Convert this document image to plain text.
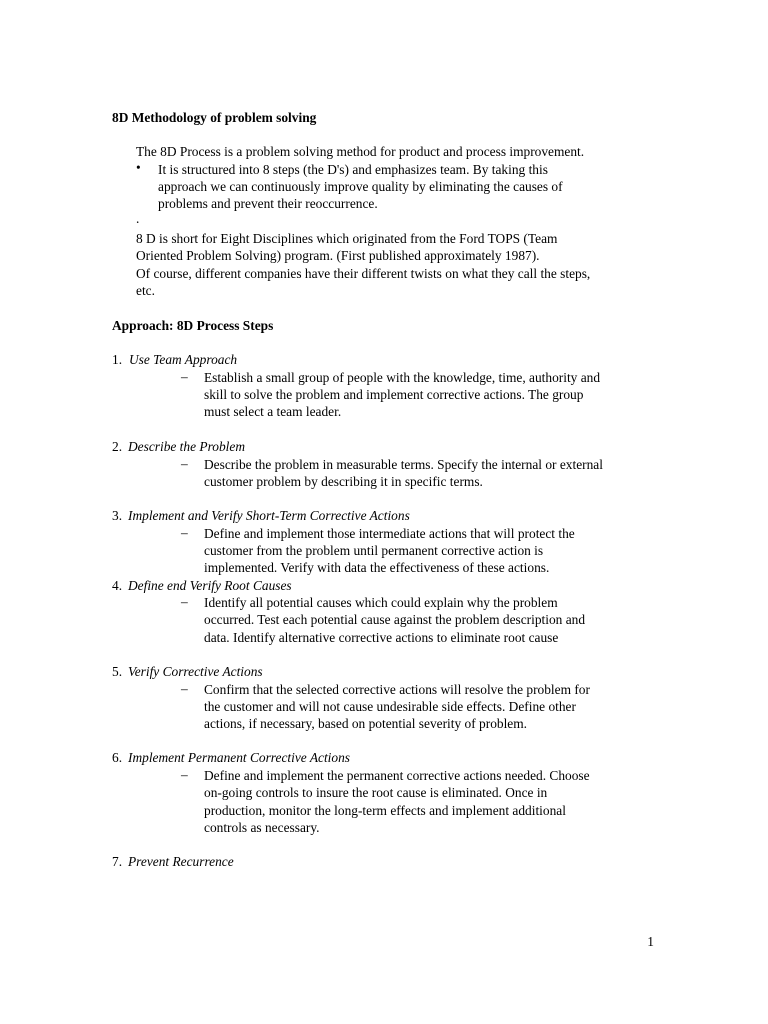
8D Methodology of problem solving
The 8D Process is a problem solving method for product and process improvement.
•	It is structured into 8 steps (the D's) and emphasizes team. By taking this
approach we can continuously improve quality by eliminating the causes of
problems and prevent their reoccurrence.
.
8 D is short for Eight Disciplines which originated from the Ford TOPS (Team
Oriented Problem Solving) program. (First published approximately 1987).
Of course, different companies have their different twists on what they call the steps,
etc.
Approach: 8D Process Steps
1. Use Team Approach
– Establish a small group of people with the knowledge, time, authority and
skill to solve the problem and implement corrective actions. The group
must select a team leader.
2. Describe the Problem
– Describe the problem in measurable terms. Specify the internal or external
customer problem by describing it in specific terms.
3. Implement and Verify Short-Term Corrective Actions
– Define and implement those intermediate actions that will protect the
customer from the problem until permanent corrective action is
implemented. Verify with data the effectiveness of these actions.
4. Define end Verify Root Causes
– Identify all potential causes which could explain why the problem
occurred. Test each potential cause against the problem description and
data. Identify alternative corrective actions to eliminate root cause
5. Verify Corrective Actions
– Confirm that the selected corrective actions will resolve the problem for
the customer and will not cause undesirable side effects. Define other
actions, if necessary, based on potential severity of problem.
6. Implement Permanent Corrective Actions
– Define and implement the permanent corrective actions needed. Choose
on-going controls to insure the root cause is eliminated. Once in
production, monitor the long-term effects and implement additional
controls as necessary.
7. Prevent Recurrence
1
